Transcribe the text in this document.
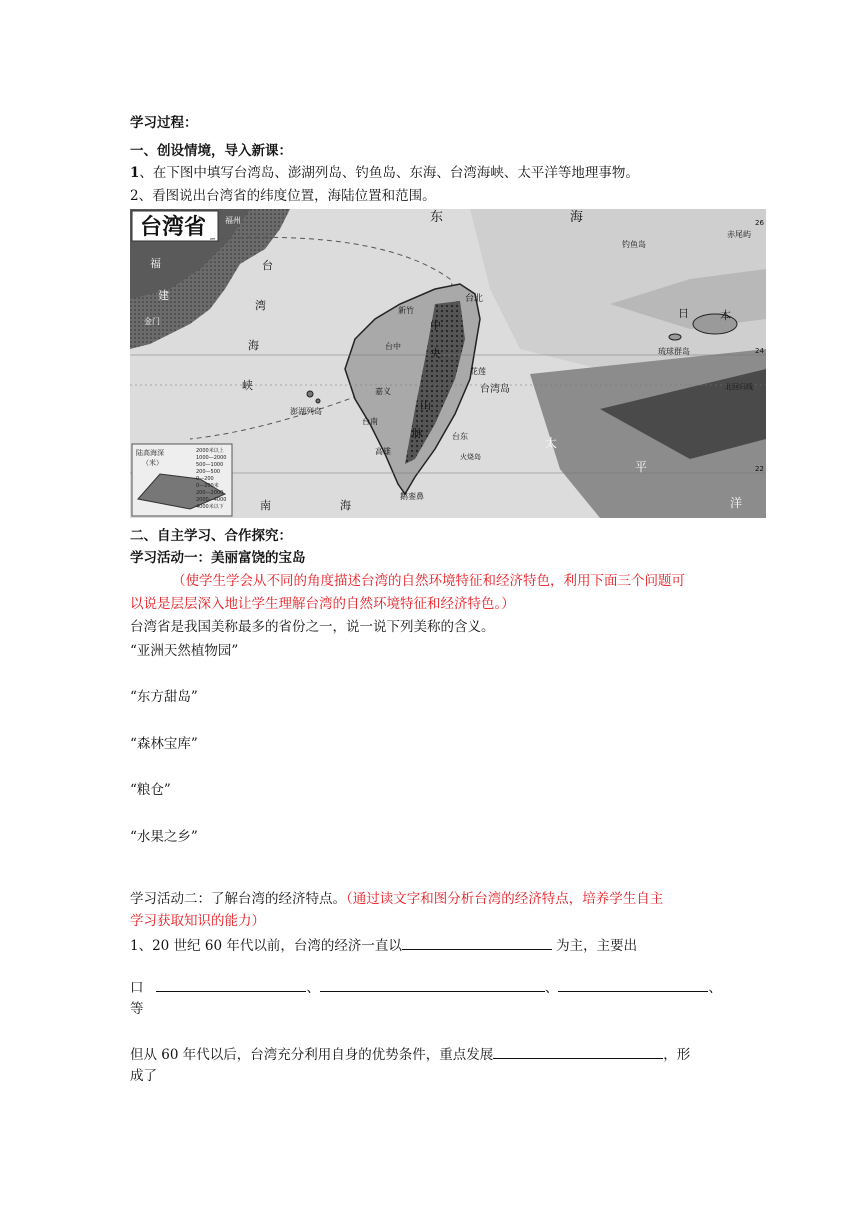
学习过程：
一、创设情境，导入新课：
1、在下图中填写台湾岛、澎湖列岛、钓鱼岛、东海、台湾海峡、太平洋等地理事物。
2、看图说出台湾省的纬度位置，海陆位置和范围。
台湾省
陆高海深
（米）
2000米以上
1000—2000
500—1000
200—500
0—200
0—200米
200—2000
2000—4000
4000米以下
福州
福
建
金门
台
湾
海
峡
澎湖列岛
东	海
钓鱼岛
赤尾屿
台北
新竹
台中
嘉义
台南
高雄
台东
花莲
台湾岛
火烧岛
中
央
山
脉
鹅銮鼻
日	本
琉球群岛
北回归线
太
平
洋
南	海
26
24
22
二、自主学习、合作探究：
学习活动一：美丽富饶的宝岛
（使学生学会从不同的角度描述台湾的自然环境特征和经济特色，利用下面三个问题可
以说是层层深入地让学生理解台湾的自然环境特征和经济特色。）
台湾省是我国美称最多的省份之一，说一说下列美称的含义。
“亚洲天然植物园”
“东方甜岛”
“森林宝库”
“粮仓”
“水果之乡”
学习活动二：了解台湾的经济特点。（通过读文字和图分析台湾的经济特点，培养学生自主
学习获取知识的能力）
1、20 世纪 60 年代以前，台湾的经济一直以	为主，主要出
口	、	、	、
等
但从 60 年代以后，台湾充分利用自身的优势条件，重点发展	，形
成了
